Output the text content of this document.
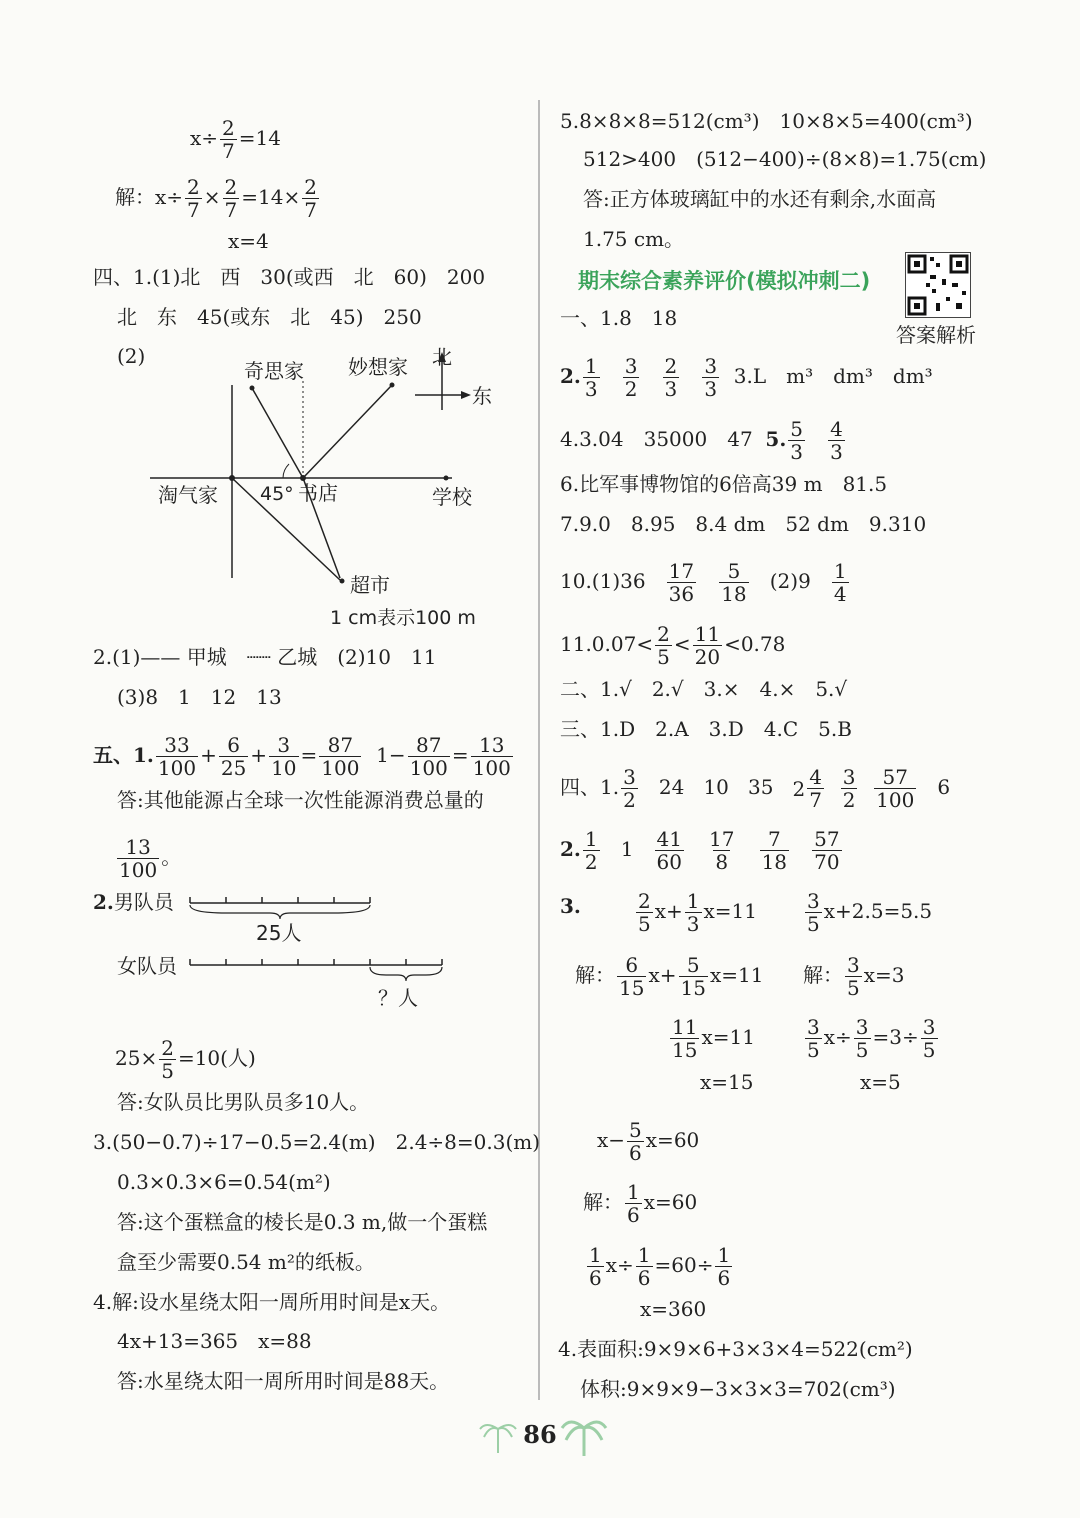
$x\div \frac{2}{7} =14$
解：$x\div \frac{2}{7} \times \frac{2}{7} =14\times \frac{2}{7}$
x=4
四、1.(1)北　西　30(或西　北　60)　200
北　东　45(或东　北　45)　250
(2)
奇思家 妙想家 北
东
淘气家 45° 书店	学校
超市
1 cm表示100 m
2.(1)—— 甲城　┈┈ 乙城　(2)10　11
(3)8　1　12　13
五、1. $\frac{33}{100} + \frac{6}{25} + \frac{3}{10} = \frac{87}{100} 1- \frac{87}{100} = \frac{13}{100}$
答:其他能源占全球一次性能源消费总量的
$\frac{13}{100}$ 。
2.男队员
25人
？人
女队员
$25\times \frac{2}{5} =10$(人)
答:女队员比男队员多10人。
3.(50−0.7)÷17−0.5=2.4(m)　2.4÷8=0.3(m)
0.3×0.3×6=0.54(m²)
答:这个蛋糕盒的棱长是0.3 m,做一个蛋糕
盒至少需要0.54 m²的纸板。
4.解:设水星绕太阳一周所用时间是x天。
4x+13=365　x=88
答:水星绕太阳一周所用时间是88天。
5.8×8×8=512(cm³)　10×8×5=400(cm³)
512>400　(512−400)÷(8×8)=1.75(cm)
答:正方体玻璃缸中的水还有剩余,水面高
1.75 cm。
期末综合素养评价(模拟冲刺二)
答案解析
一、1.8　18
2. $\frac{1}{3}$
$\frac{3}{2}$
$\frac{2}{3}$
$\frac{3}{3} 3.L$　m³　dm³　dm³
4.3.04　35000　47 5. $\frac{5}{3}$
$\frac{4}{3}$
6.比军事博物馆的6倍高39 m　81.5
7.9.0　8.95　8.4 dm　52 dm　9.310
$10.(1)36 \frac{17}{36}$
$\frac{5}{18} (2)9 \frac{1}{4}$
$11.0.07< \frac{2}{5} < \frac{11}{20} <0.78$
二、1.√　2.√　3.×　4.×　5.√
三、1.D　2.A　3.D　4.C　5.B
四、1. $\frac{3}{2} 24$ 10 35 2 4
7
$\frac{3}{2}$
$\frac{57}{100} 6$
2. $\frac{1}{2} 1 \frac{41}{60}$
$\frac{17}{8}$
$\frac{7}{18}$
$\frac{57}{70}$
3.	$\frac{2}{5} x+ \frac{1}{3} x=11 \frac{3}{5} x+2.5=5.5$
解： $\frac{6}{15} x+ \frac{5}{15} x=11$ 解： $\frac{3}{5} x=3$
$\frac{11}{15} x=11$	$\frac{3}{5} x\div \frac{3}{5} =3\div \frac{3}{5}$
x=15	x=5
$x- \frac{5}{6} x=60$
解： $\frac{1}{6} x=60$
$\frac{1}{6} x\div \frac{1}{6} =60\div \frac{1}{6}$
x=360
4.表面积:9×9×6+3×3×4=522(cm²)
体积:9×9×9−3×3×3=702(cm³)
86
